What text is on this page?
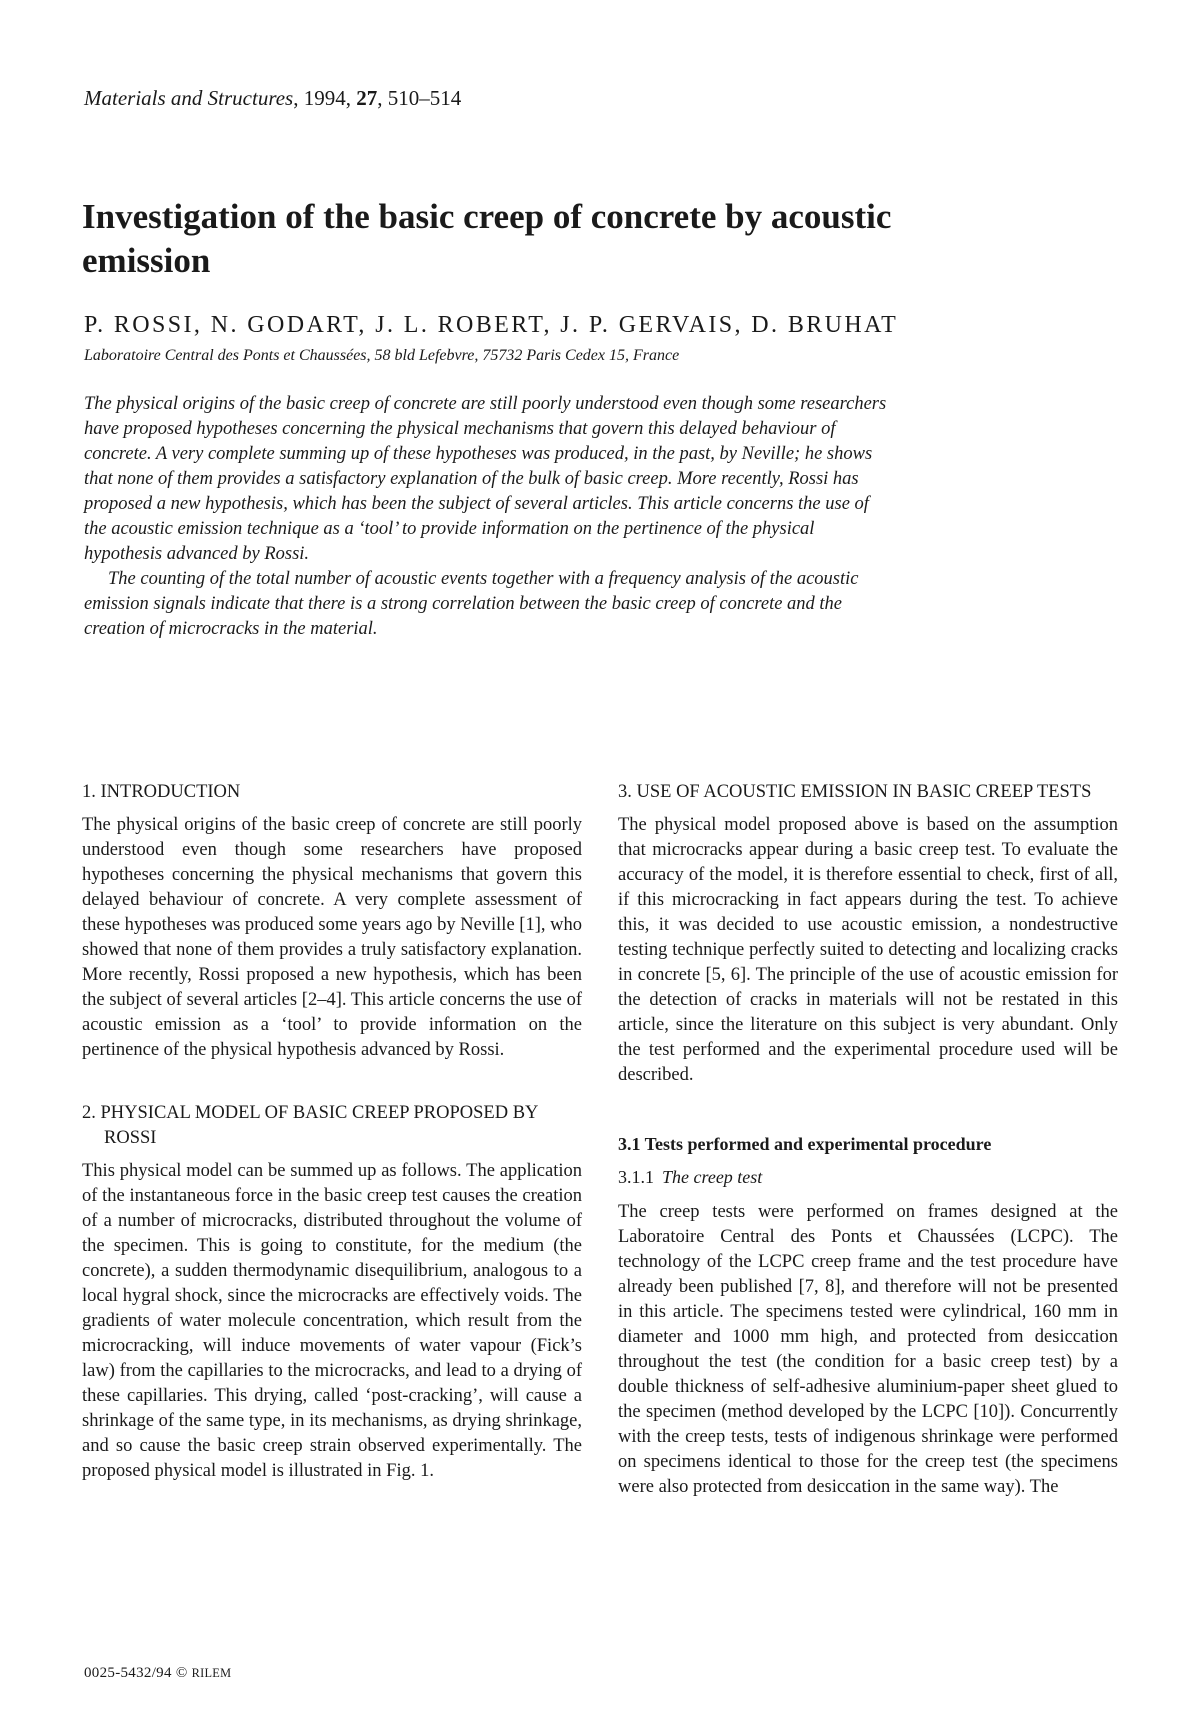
Materials and Structures, 1994, 27, 510–514
Investigation of the basic creep of concrete by acoustic emission
P. ROSSI, N. GODART, J. L. ROBERT, J. P. GERVAIS, D. BRUHAT
Laboratoire Central des Ponts et Chaussées, 58 bld Lefebvre, 75732 Paris Cedex 15, France

The physical origins of the basic creep of concrete are still poorly understood even though some researchers have proposed hypotheses concerning the physical mechanisms that govern this delayed behaviour of concrete. A very complete summing up of these hypotheses was produced, in the past, by Neville; he shows that none of them provides a satisfactory explanation of the bulk of basic creep. More recently, Rossi has proposed a new hypothesis, which has been the subject of several articles. This article concerns the use of the acoustic emission technique as a ‘tool’ to provide information on the pertinence of the physical hypothesis advanced by Rossi.

The counting of the total number of acoustic events together with a frequency analysis of the acoustic emission signals indicate that there is a strong correlation between the basic creep of concrete and the creation of microcracks in the material.

1. INTRODUCTION

The physical origins of the basic creep of concrete are still poorly understood even though some researchers have proposed hypotheses concerning the physical mechanisms that govern this delayed behaviour of concrete. A very complete assessment of these hypotheses was produced some years ago by Neville [1], who showed that none of them provides a truly satisfactory explanation. More recently, Rossi proposed a new hypothesis, which has been the subject of several articles [2–4]. This article concerns the use of acoustic emission as a ‘tool’ to provide information on the pertinence of the physical hypothesis advanced by Rossi.

2. PHYSICAL MODEL OF BASIC CREEP PROPOSED BY ROSSI

This physical model can be summed up as follows. The application of the instantaneous force in the basic creep test causes the creation of a number of microcracks, distributed throughout the volume of the specimen. This is going to constitute, for the medium (the concrete), a sudden thermodynamic disequilibrium, analogous to a local hygral shock, since the microcracks are effectively voids. The gradients of water molecule concentration, which result from the microcracking, will induce movements of water vapour (Fick’s law) from the capillaries to the microcracks, and lead to a drying of these capillaries. This drying, called ‘post-cracking’, will cause a shrinkage of the same type, in its mechanisms, as drying shrinkage, and so cause the basic creep strain observed experimentally. The proposed physical model is illustrated in Fig. 1.

3. USE OF ACOUSTIC EMISSION IN BASIC CREEP TESTS

The physical model proposed above is based on the assumption that microcracks appear during a basic creep test. To evaluate the accuracy of the model, it is therefore essential to check, first of all, if this microcracking in fact appears during the test. To achieve this, it was decided to use acoustic emission, a nondestructive testing technique perfectly suited to detecting and localizing cracks in concrete [5, 6]. The principle of the use of acoustic emission for the detection of cracks in materials will not be restated in this article, since the literature on this subject is very abundant. Only the test performed and the experimental procedure used will be described.

3.1 Tests performed and experimental procedure
3.1.1 The creep test

The creep tests were performed on frames designed at the Laboratoire Central des Ponts et Chaussées (LCPC). The technology of the LCPC creep frame and the test procedure have already been published [7, 8], and therefore will not be presented in this article. The specimens tested were cylindrical, 160 mm in diameter and 1000 mm high, and protected from desiccation throughout the test (the condition for a basic creep test) by a double thickness of self-adhesive aluminium-paper sheet glued to the specimen (method developed by the LCPC [10]). Concurrently with the creep tests, tests of indigenous shrinkage were performed on specimens identical to those for the creep test (the specimens were also protected from desiccation in the same way). The

0025-5432/94 © RILEM
